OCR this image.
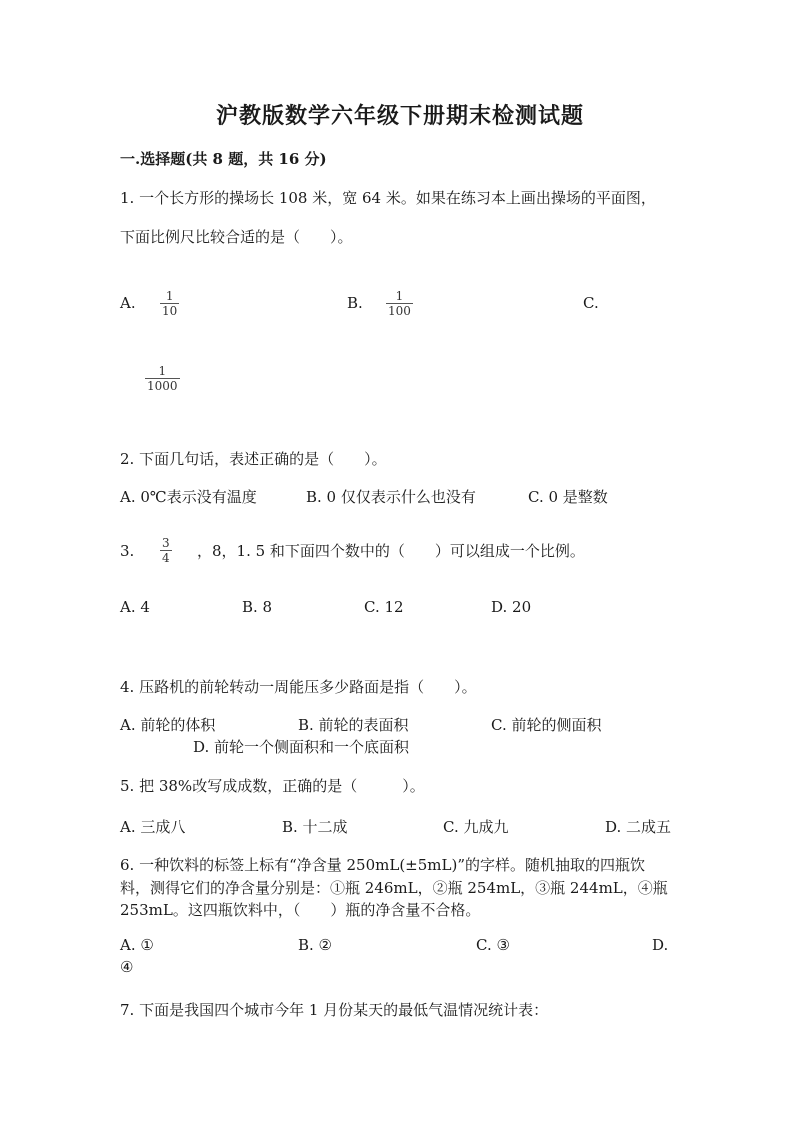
沪教版数学六年级下册期末检测试题
一.选择题(共 8 题，共 16 分)
1. 一个长方形的操场长 108 米，宽 64 米。如果在练习本上画出操场的平面图，
下面比例尺比较合适的是（　　）。
A.	1
10	B.	1
100	C.
1
1000
2. 下面几句话，表述正确的是（　　）。
A. 0℃表示没有温度	B. 0 仅仅表示什么也没有	C. 0 是整数
3. 3
4 ，8，1. 5 和下面四个数中的（　　）可以组成一个比例。
A. 4	B. 8	C. 12	D. 20
4. 压路机的前轮转动一周能压多少路面是指（　　）。
A. 前轮的体积	B. 前轮的表面积	C. 前轮的侧面积
D. 前轮一个侧面积和一个底面积
5. 把 38%改写成成数，正确的是（　　　）。
A. 三成八	B. 十二成	C. 九成九	D. 二成五
6. 一种饮料的标签上标有“净含量 250mL(±5mL)”的字样。随机抽取的四瓶饮
料，测得它们的净含量分别是：①瓶 246mL，②瓶 254mL，③瓶 244mL，④瓶
253mL。这四瓶饮料中，（　　）瓶的净含量不合格。
A. ①	B. ②	C. ③	D.
④
7. 下面是我国四个城市今年 1 月份某天的最低气温情况统计表：
